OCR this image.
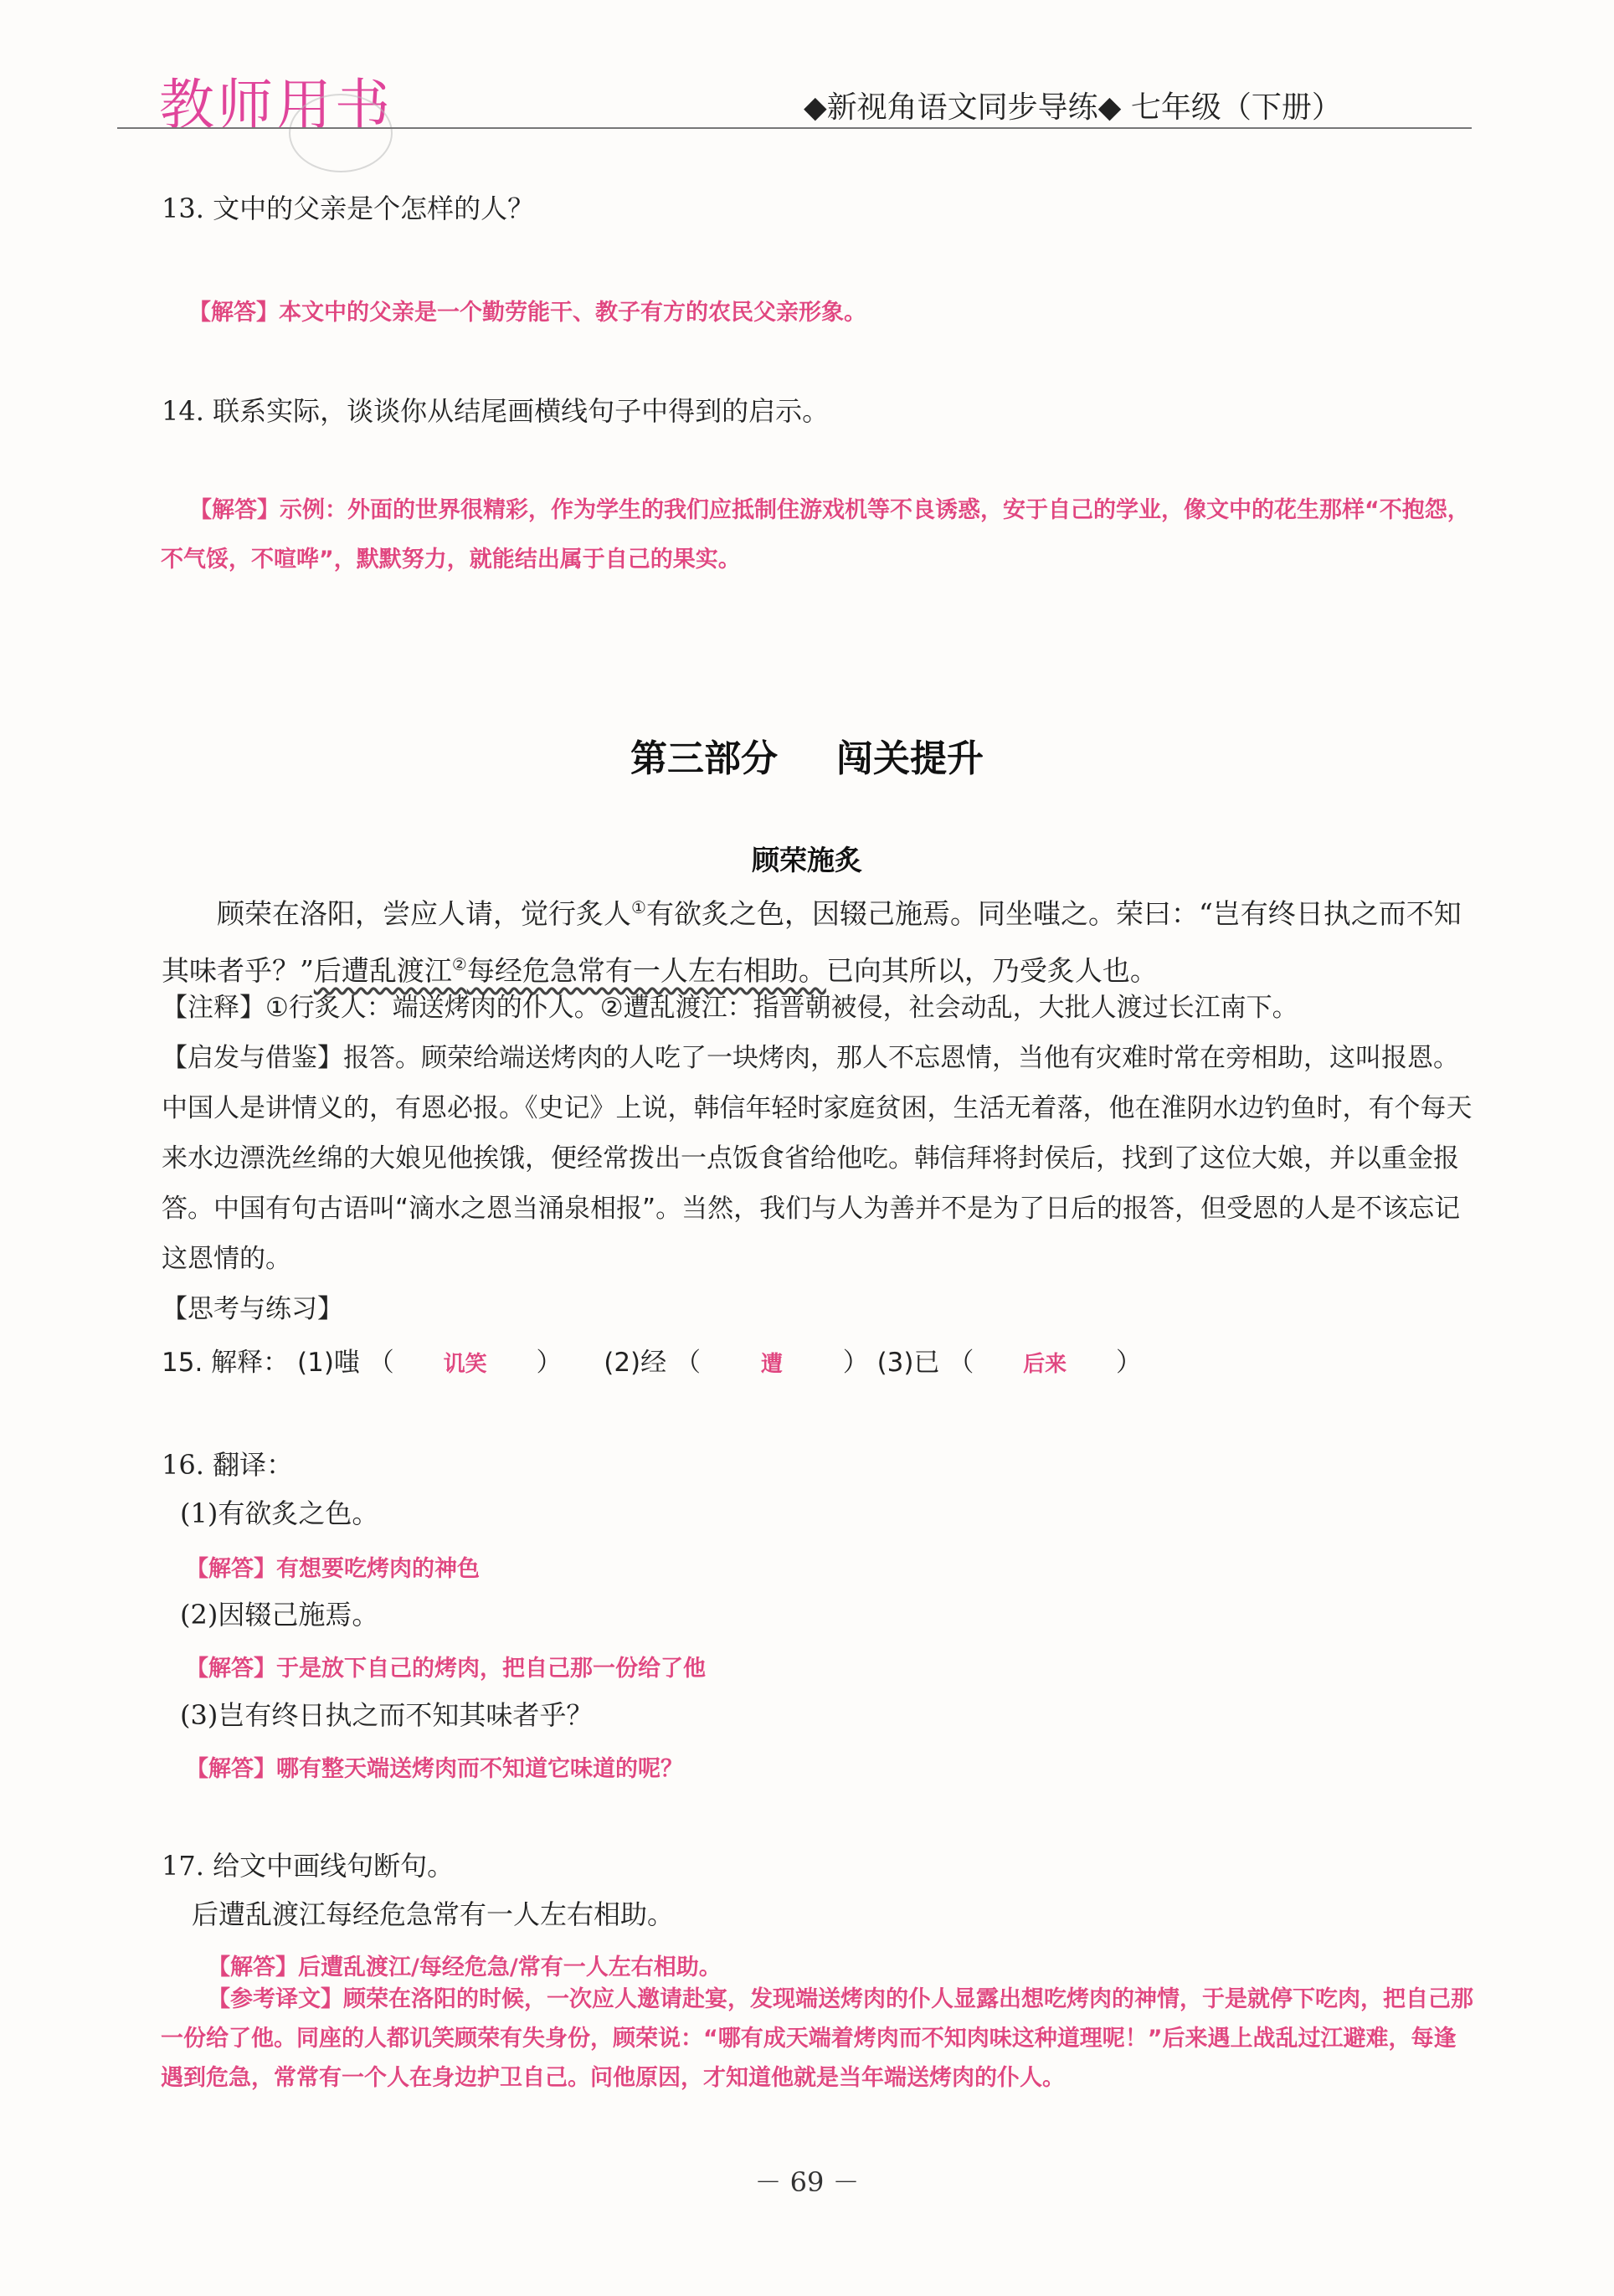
教师用书
	◆新视角语文同步导练◆ 七年级（下册）
13. 文中的父亲是个怎样的人？
【解答】本文中的父亲是一个勤劳能干、教子有方的农民父亲形象。
14. 联系实际，谈谈你从结尾画横线句子中得到的启示。
【解答】示例：外面的世界很精彩，作为学生的我们应抵制住游戏机等不良诱惑，安于自己的学业，像文中的花生那样“不抱怨，不气馁，不喧哗”，默默努力，就能结出属于自己的果实。
第三部分 闯关提升
顾荣施炙
顾荣在洛阳，尝应人请，觉行炙人①有欲炙之色，因辍己施焉。同坐嗤之。荣曰：“岂有终日执之而不知其味者乎？”后遭乱渡江②每经危急常有一人左右相助。已向其所以，乃受炙人也。
【注释】①行炙人：端送烤肉的仆人。②遭乱渡江：指晋朝被侵，社会动乱，大批人渡过长江南下。
【启发与借鉴】报答。顾荣给端送烤肉的人吃了一块烤肉，那人不忘恩情，当他有灾难时常在旁相助，这叫报恩。中国人是讲情义的，有恩必报。《史记》上说，韩信年轻时家庭贫困，生活无着落，他在淮阴水边钓鱼时，有个每天来水边漂洗丝绵的大娘见他挨饿，便经常拨出一点饭食省给他吃。韩信拜将封侯后，找到了这位大娘，并以重金报答。中国有句古语叫“滴水之恩当涌泉相报”。当然，我们与人为善并不是为了日后的报答，但受恩的人是不该忘记这恩情的。
【思考与练习】
15. 解释： (1)嗤 （ 讥笑 ） (2)经 （	遭 ） (3)已 （ 后来 ）
16. 翻译：
(1)有欲炙之色。
【解答】有想要吃烤肉的神色
(2)因辍己施焉。
【解答】于是放下自己的烤肉，把自己那一份给了他
(3)岂有终日执之而不知其味者乎？
【解答】哪有整天端送烤肉而不知道它味道的呢？
17. 给文中画线句断句。
后遭乱渡江每经危急常有一人左右相助。
【解答】后遭乱渡江/每经危急/常有一人左右相助。
【参考译文】顾荣在洛阳的时候，一次应人邀请赴宴，发现端送烤肉的仆人显露出想吃烤肉的神情，于是就停下吃肉，把自己那一份给了他。同座的人都讥笑顾荣有失身份，顾荣说：“哪有成天端着烤肉而不知肉味这种道理呢！”后来遇上战乱过江避难，每逢遇到危急，常常有一个人在身边护卫自己。问他原因，才知道他就是当年端送烤肉的仆人。

－ 69 －
